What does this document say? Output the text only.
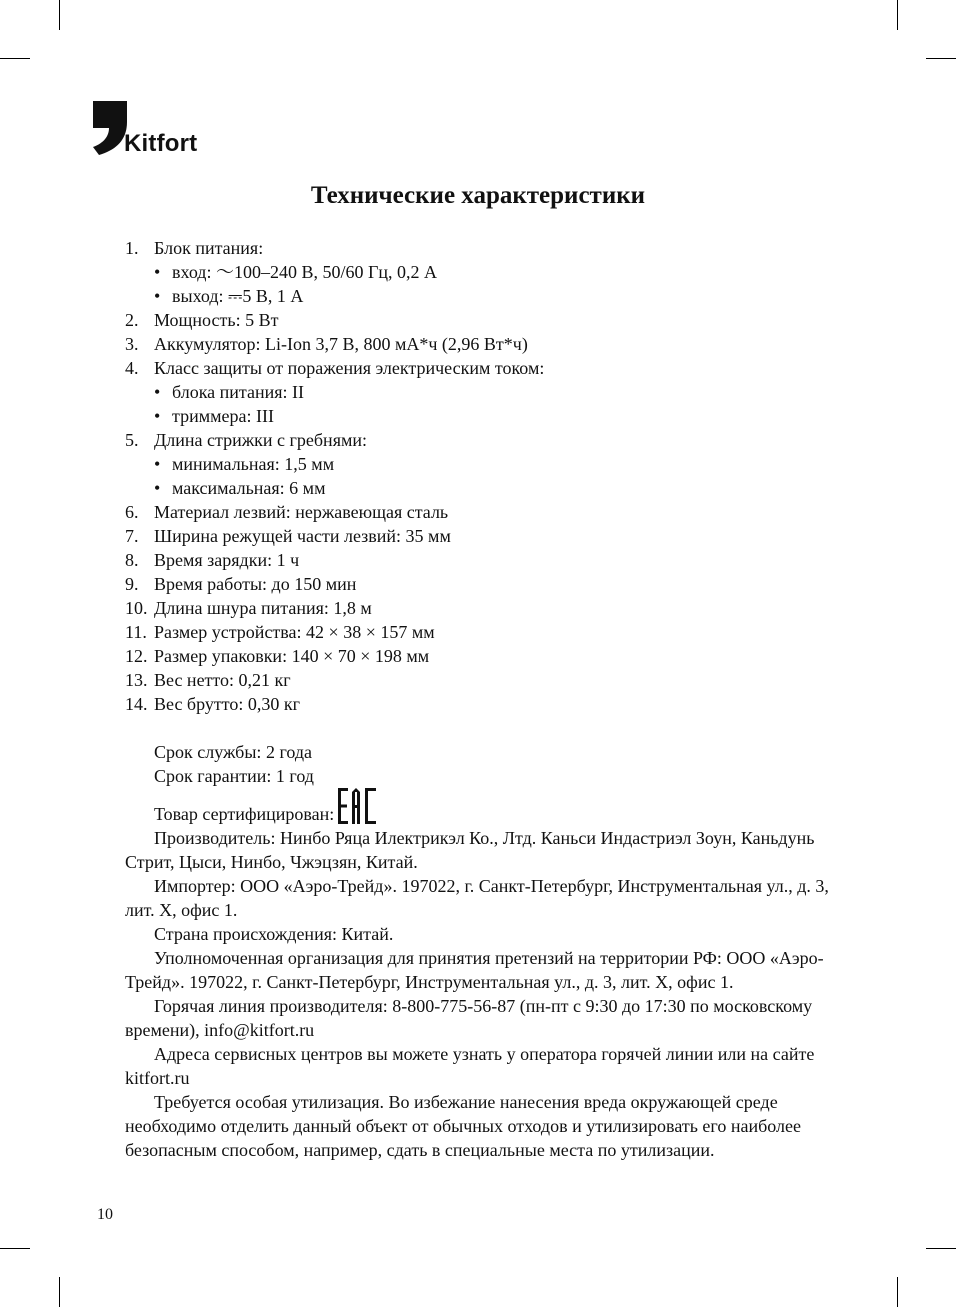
Kitfort
Технические характеристики
1. Блок питания:
• вход: ～100–240 В, 50/60 Гц, 0,2 А
• выход: ⎓5 В, 1 А
2. Мощность: 5 Вт
3. Аккумулятор: Li-Ion 3,7 В, 800 мА*ч (2,96 Вт*ч)
4. Класс защиты от поражения электрическим током:
• блока питания: II
• триммера: III
5. Длина стрижки с гребнями:
• минимальная: 1,5 мм
• максимальная: 6 мм
6. Материал лезвий: нержавеющая сталь
7. Ширина режущей части лезвий: 35 мм
8. Время зарядки: 1 ч
9. Время работы: до 150 мин
10. Длина шнура питания: 1,8 м
11. Размер устройства: 42 × 38 × 157 мм
12. Размер упаковки: 140 × 70 × 198 мм
13. Вес нетто: 0,21 кг
14. Вес брутто: 0,30 кг
Срок службы: 2 года
Срок гарантии: 1 год
Товар сертифицирован:

Производитель: Нинбо Ряца Илектрикэл Ко., Лтд. Каньси Индастриэл Зоун, Каньдунь Стрит, Цыси, Нинбо, Чжэцзян, Китай.

Импортер: ООО «Аэро-Трейд». 197022, г. Санкт-Петербург, Инструментальная ул., д. 3, лит. Х, офис 1.

Страна происхождения: Китай.

Уполномоченная организация для принятия претензий на территории РФ: ООО «Аэро-Трейд». 197022, г. Санкт-Петербург, Инструментальная ул., д. 3, лит. Х, офис 1.

Горячая линия производителя: 8-800-775-56-87 (пн-пт с 9:30 до 17:30 по московскому времени), info@kitfort.ru

Адреса сервисных центров вы можете узнать у оператора горячей линии или на сайте kitfort.ru

Требуется особая утилизация. Во избежание нанесения вреда окружающей среде необходимо отделить данный объект от обычных отходов и утилизировать его наиболее безопасным способом, например, сдать в специальные места по утилизации.

10
